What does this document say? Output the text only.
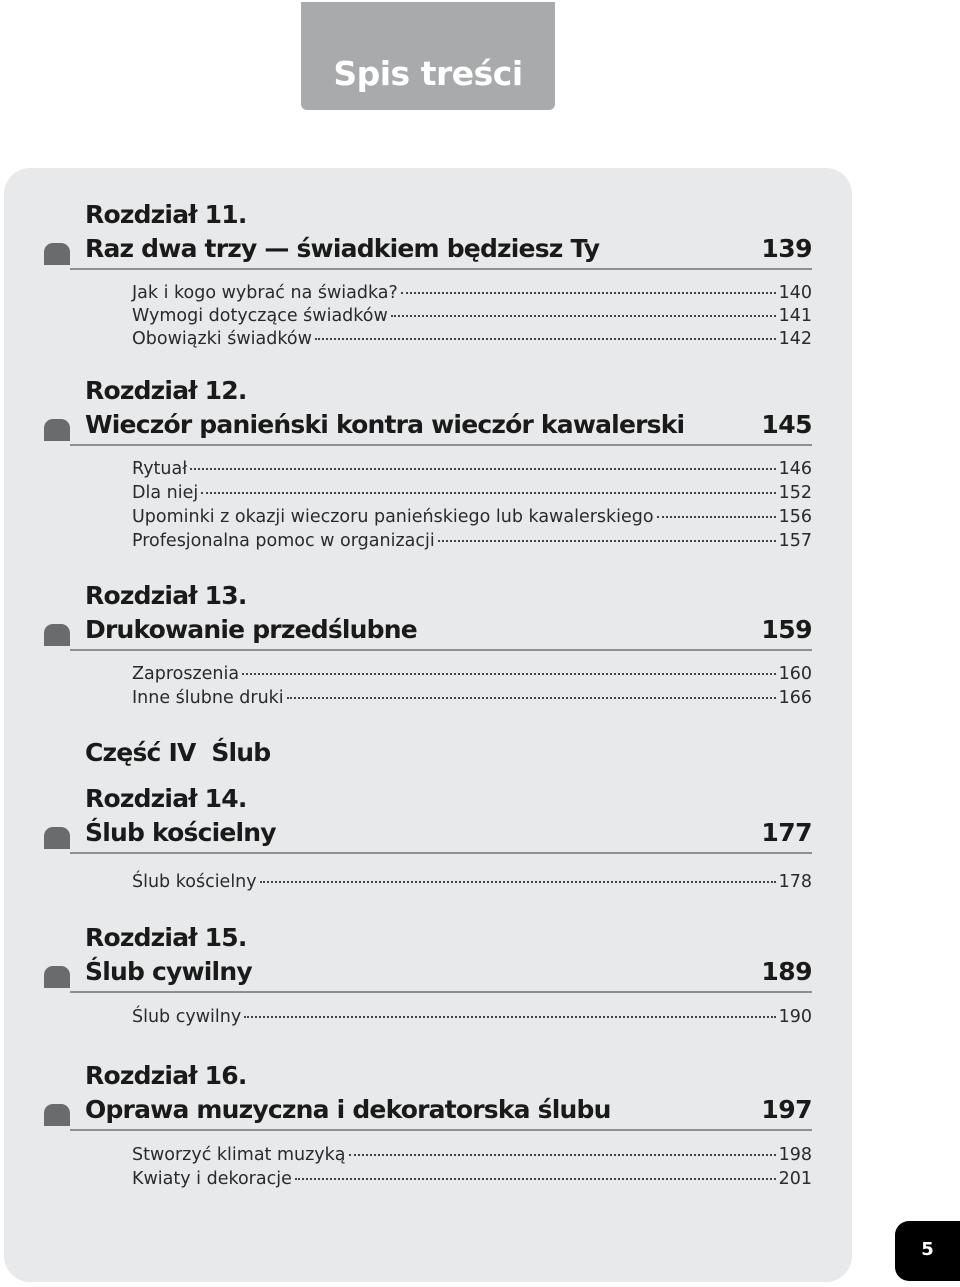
Spis treści
Rozdział 11.
Raz dwa trzy — świadkiem będziesz Ty	139
Jak i kogo wybrać na świadka?	140
Wymogi dotyczące świadków	141
Obowiązki świadków	142
Rozdział 12.
Wieczór panieński kontra wieczór kawalerski	145
Rytuał	146
Dla niej	152
Upominki z okazji wieczoru panieńskiego lub kawalerskiego	156
Profesjonalna pomoc w organizacji	157
Rozdział 13.
Drukowanie przedślubne	159
Zaproszenia	160
Inne ślubne druki	166
Część IV Ślub
Rozdział 14.
Ślub kościelny	177
Ślub kościelny	178
Rozdział 15.
Ślub cywilny	189
Ślub cywilny	190
Rozdział 16.
Oprawa muzyczna i dekoratorska ślubu	197
Stworzyć klimat muzyką	198
Kwiaty i dekoracje	201
5
